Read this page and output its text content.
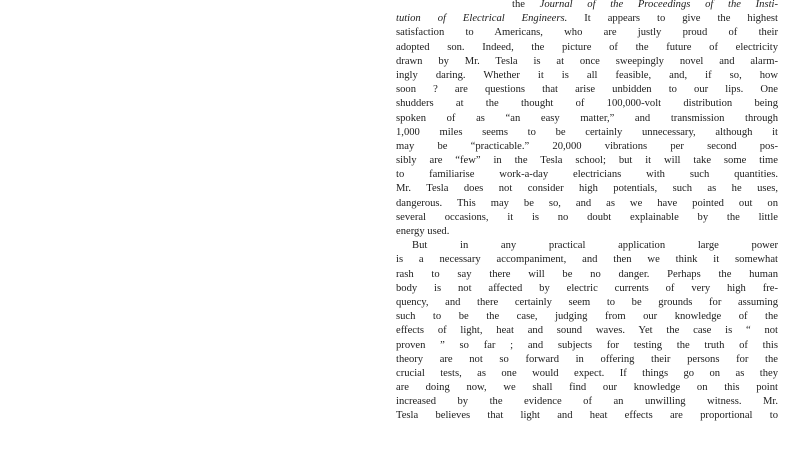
the Journal of the Proceedings of the Insti-
tution of Electrical Engineers. It appears to give the highest
satisfaction to Americans, who are justly proud of their
adopted son. Indeed, the picture of the future of electricity
drawn by Mr. Tesla is at once sweepingly novel and alarm-
ingly daring. Whether it is all feasible, and, if so, how
soon ? are questions that arise unbidden to our lips. One
shudders at the thought of 100,000-volt distribution being
spoken of as “an easy matter,” and transmission through
1,000 miles seems to be certainly unnecessary, although it
may be “practicable.” 20,000 vibrations per second pos-
sibly are “few” in the Tesla school; but it will take some time
to familiarise work-a-day electricians with such quantities.
Mr. Tesla does not consider high potentials, such as he uses,
dangerous. This may be so, and as we have pointed out on
several occasions, it is no doubt explainable by the little
energy used.
But in any practical application large power
is a necessary accompaniment, and then we think it somewhat
rash to say there will be no danger. Perhaps the human
body is not affected by electric currents of very high fre-
quency, and there certainly seem to be grounds for assuming
such to be the case, judging from our knowledge of the
effects of light, heat and sound waves. Yet the case is “ not
proven ” so far ; and subjects for testing the truth of this
theory are not so forward in offering their persons for the
crucial tests, as one would expect. If things go on as they
are doing now, we shall find our knowledge on this point
increased by the evidence of an unwilling witness. Mr.
Tesla believes that light and heat effects are proportional to
